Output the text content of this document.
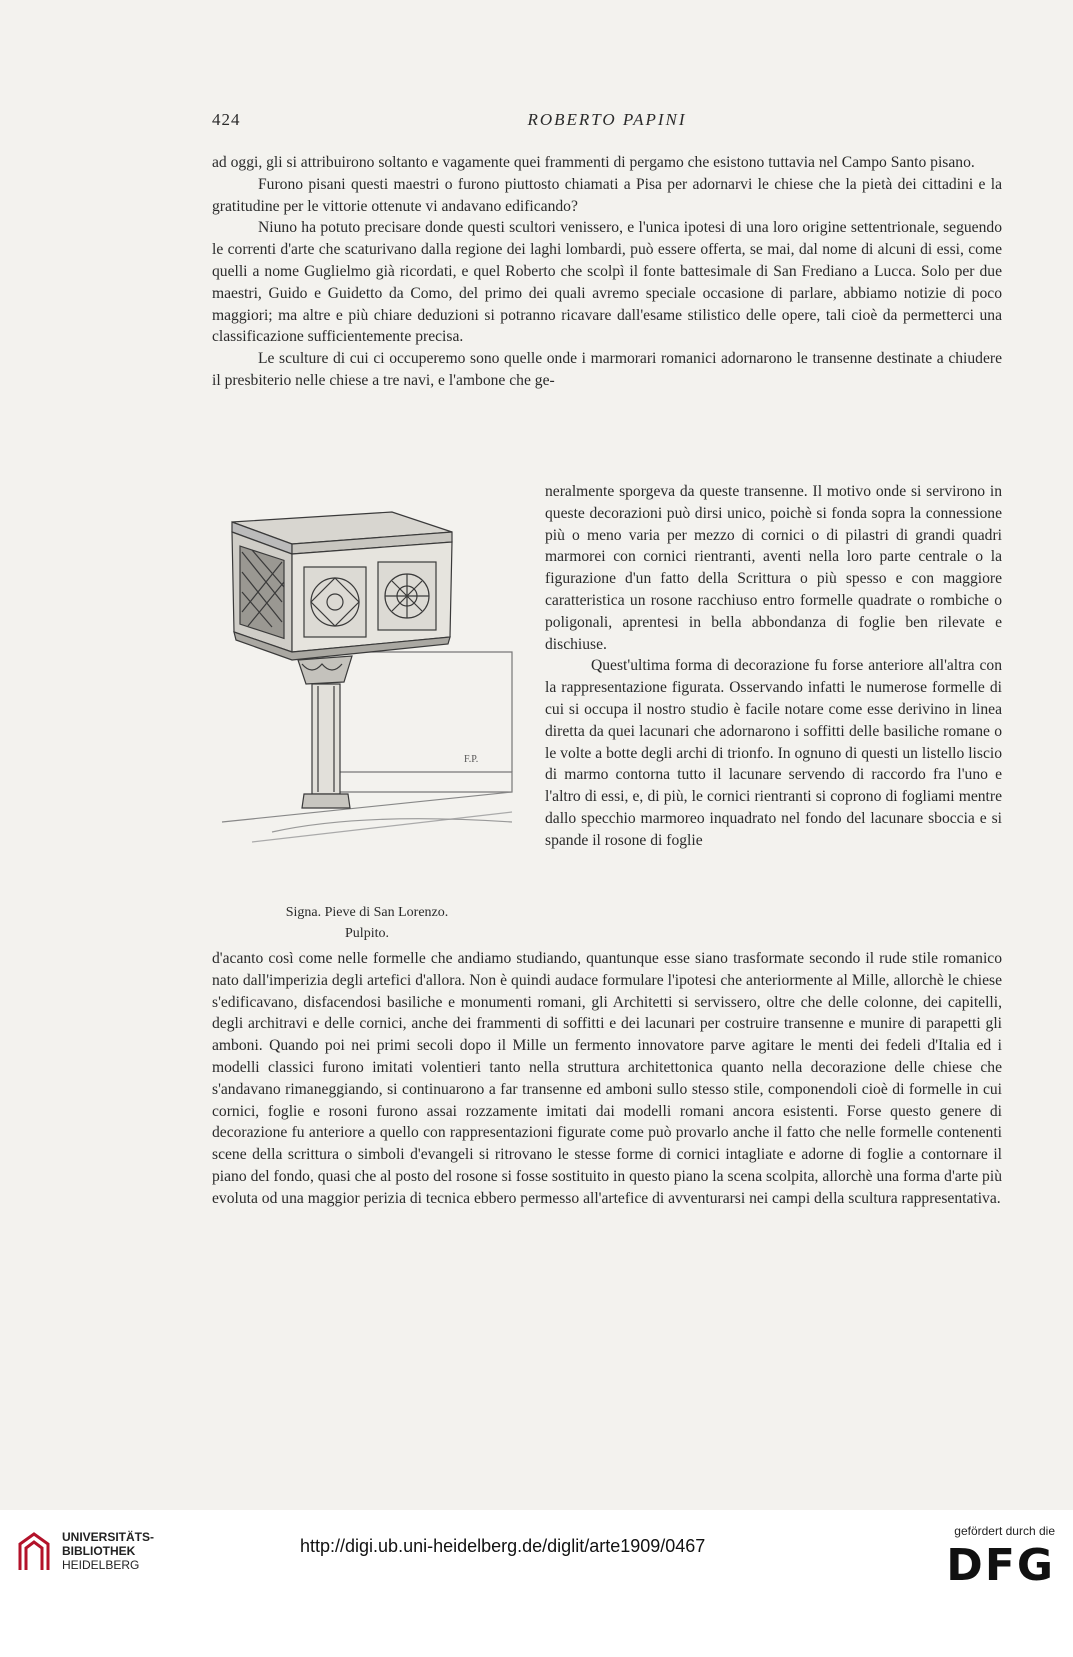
424	ROBERTO PAPINI

ad oggi, gli si attribuirono soltanto e vagamente quei frammenti di pergamo che esistono tuttavia nel Campo Santo pisano.

Furono pisani questi maestri o furono piuttosto chiamati a Pisa per adornarvi le chiese che la pietà dei cittadini e la gratitudine per le vittorie ottenute vi andavano edificando?

Niuno ha potuto precisare donde questi scultori venissero, e l'unica ipotesi di una loro origine settentrionale, seguendo le correnti d'arte che scaturivano dalla regione dei laghi lombardi, può essere offerta, se mai, dal nome di alcuni di essi, come quelli a nome Guglielmo già ricordati, e quel Roberto che scolpì il fonte battesimale di San Frediano a Lucca. Solo per due maestri, Guido e Guidetto da Como, del primo dei quali avremo speciale occasione di parlare, abbiamo notizie di poco maggiori; ma altre e più chiare deduzioni si potranno ricavare dall'esame stilistico delle opere, tali cioè da permetterci una classificazione sufficientemente precisa.

Le sculture di cui ci occuperemo sono quelle onde i marmorari romanici adornarono le transenne destinate a chiudere il presbiterio nelle chiese a tre navi, e l'ambone che ge-

F.P.
Signa. Pieve di San Lorenzo.
Pulpito.

neralmente sporgeva da queste transenne. Il motivo onde si servirono in queste decorazioni può dirsi unico, poichè si fonda sopra la connessione più o meno varia per mezzo di cornici o di pilastri di grandi quadri marmorei con cornici rientranti, aventi nella loro parte centrale o la figurazione d'un fatto della Scrittura o più spesso e con maggiore caratteristica un rosone racchiuso entro formelle quadrate o rombiche o poligonali, aprentesi in bella abbondanza di foglie ben rilevate e dischiuse.

Quest'ultima forma di decorazione fu forse anteriore all'altra con la rappresentazione figurata. Osservando infatti le numerose formelle di cui si occupa il nostro studio è facile notare come esse derivino in linea diretta da quei lacunari che adornarono i soffitti delle basiliche romane o le volte a botte degli archi di trionfo. In ognuno di questi un listello liscio di marmo contorna tutto il lacunare servendo di raccordo fra l'uno e l'altro di essi, e, di più, le cornici rientranti si coprono di fogliami mentre dallo specchio marmoreo inquadrato nel fondo del lacunare sboccia e si spande il rosone di foglie

d'acanto così come nelle formelle che andiamo studiando, quantunque esse siano trasformate secondo il rude stile romanico nato dall'imperizia degli artefici d'allora. Non è quindi audace formulare l'ipotesi che anteriormente al Mille, allorchè le chiese s'edificavano, disfacendosi basiliche e monumenti romani, gli Architetti si servissero, oltre che delle colonne, dei capitelli, degli architravi e delle cornici, anche dei frammenti di soffitti e dei lacunari per costruire transenne e munire di parapetti gli amboni. Quando poi nei primi secoli dopo il Mille un fermento innovatore parve agitare le menti dei fedeli d'Italia ed i modelli classici furono imitati volentieri tanto nella struttura architettonica quanto nella decorazione delle chiese che s'andavano rimaneggiando, si continuarono a far transenne ed amboni sullo stesso stile, componendoli cioè di formelle in cui cornici, foglie e rosoni furono assai rozzamente imitati dai modelli romani ancora esistenti. Forse questo genere di decorazione fu anteriore a quello con rappresentazioni figurate come può provarlo anche il fatto che nelle formelle contenenti scene della scrittura o simboli d'evangeli si ritrovano le stesse forme di cornici intagliate e adorne di foglie a contornare il piano del fondo, quasi che al posto del rosone si fosse sostituito in questo piano la scena scolpita, allorchè una forma d'arte più evoluta od una maggior perizia di tecnica ebbero permesso all'artefice di avventurarsi nei campi della scultura rappresentativa.

UNIVERSITÄTS-
BIBLIOTHEK
HEIDELBERG
http://digi.ub.uni-heidelberg.de/diglit/arte1909/0467
gefördert durch die
DFG
